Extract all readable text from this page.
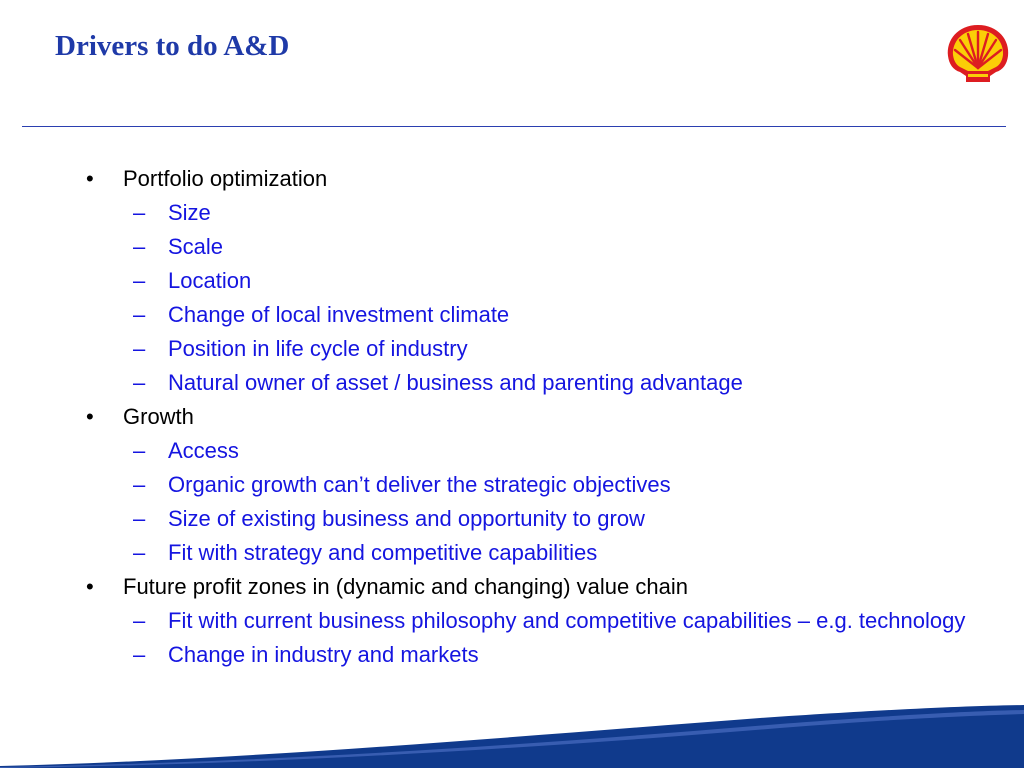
Drivers to do A&D
• Portfolio optimization
– Size
– Scale
– Location
– Change of local investment climate
– Position in life cycle of industry
– Natural owner of asset / business and parenting advantage
• Growth
– Access
– Organic growth can’t deliver the strategic objectives
– Size of existing business and opportunity to grow
– Fit with strategy and competitive capabilities
• Future profit zones in (dynamic and changing) value chain
– Fit with current business philosophy and competitive capabilities – e.g. technology
– Change in industry and markets
